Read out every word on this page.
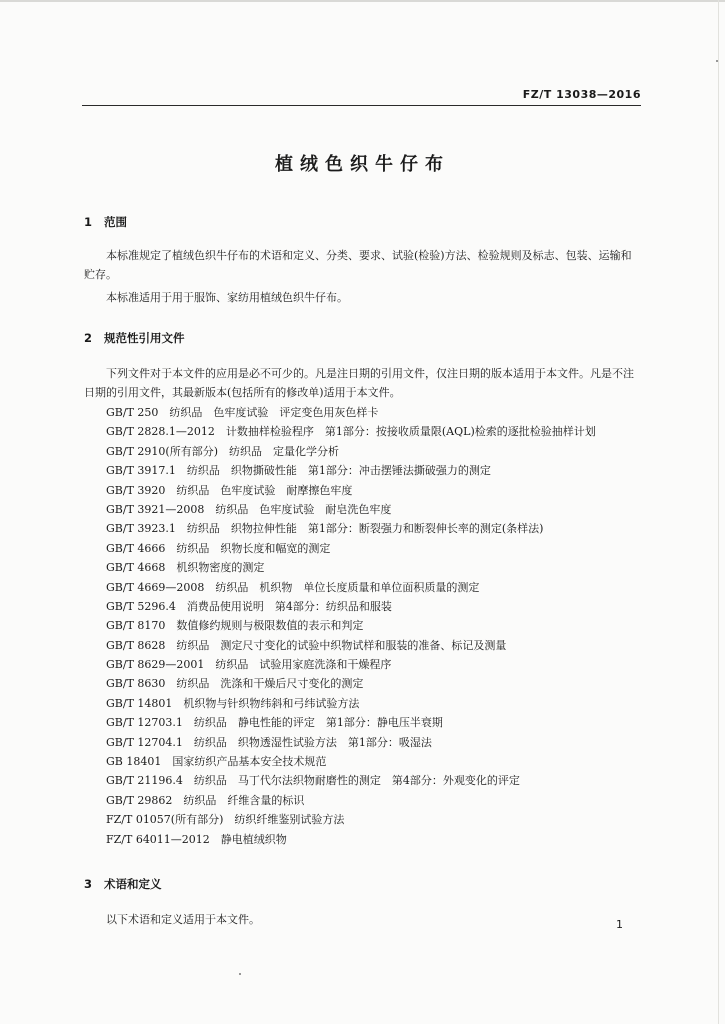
FZ/T 13038—2016
植绒色织牛仔布
1 范围
本标准规定了植绒色织牛仔布的术语和定义、分类、要求、试验(检验)方法、检验规则及标志、包装、运输和贮存。
本标准适用于用于服饰、家纺用植绒色织牛仔布。
2 规范性引用文件
下列文件对于本文件的应用是必不可少的。凡是注日期的引用文件，仅注日期的版本适用于本文件。凡是不注日期的引用文件，其最新版本(包括所有的修改单)适用于本文件。
GB/T 250　纺织品　色牢度试验　评定变色用灰色样卡
GB/T 2828.1—2012　计数抽样检验程序　第1部分：按接收质量限(AQL)检索的逐批检验抽样计划
GB/T 2910(所有部分)　纺织品　定量化学分析
GB/T 3917.1　纺织品　织物撕破性能　第1部分：冲击摆锤法撕破强力的测定
GB/T 3920　纺织品　色牢度试验　耐摩擦色牢度
GB/T 3921—2008　纺织品　色牢度试验　耐皂洗色牢度
GB/T 3923.1　纺织品　织物拉伸性能　第1部分：断裂强力和断裂伸长率的测定(条样法)
GB/T 4666　纺织品　织物长度和幅宽的测定
GB/T 4668　机织物密度的测定
GB/T 4669—2008　纺织品　机织物　单位长度质量和单位面积质量的测定
GB/T 5296.4　消费品使用说明　第4部分：纺织品和服装
GB/T 8170　数值修约规则与极限数值的表示和判定
GB/T 8628　纺织品　测定尺寸变化的试验中织物试样和服装的准备、标记及测量
GB/T 8629—2001　纺织品　试验用家庭洗涤和干燥程序
GB/T 8630　纺织品　洗涤和干燥后尺寸变化的测定
GB/T 14801　机织物与针织物纬斜和弓纬试验方法
GB/T 12703.1　纺织品　静电性能的评定　第1部分：静电压半衰期
GB/T 12704.1　纺织品　织物透湿性试验方法　第1部分：吸湿法
GB 18401　国家纺织产品基本安全技术规范
GB/T 21196.4　纺织品　马丁代尔法织物耐磨性的测定　第4部分：外观变化的评定
GB/T 29862　纺织品　纤维含量的标识
FZ/T 01057(所有部分)　纺织纤维鉴别试验方法
FZ/T 64011—2012　静电植绒织物
3 术语和定义
以下术语和定义适用于本文件。	1
